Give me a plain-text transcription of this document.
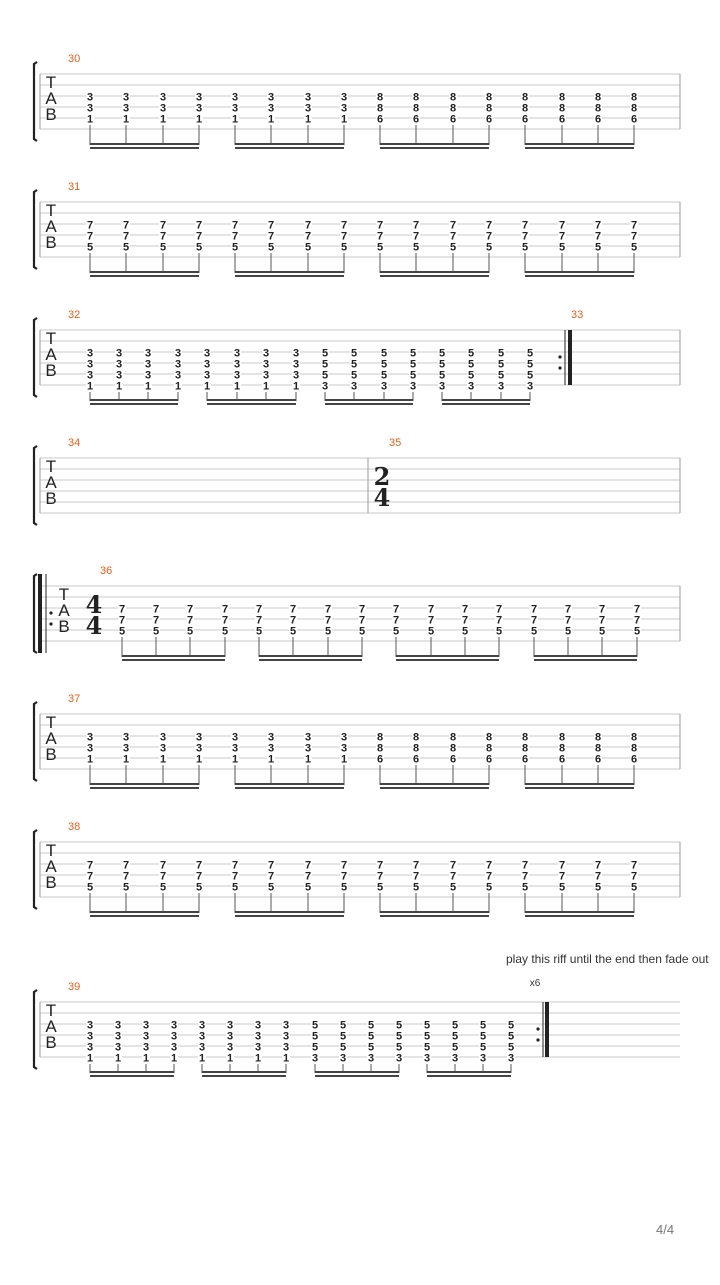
T
A
B
30
3
3
1
3
3
1
3
3
1
3
3
1
3
3
1
3
3
1
3
3
1
3
3
1
8
8
6
8
8
6
8
8
6
8
8
6
8
8
6
8
8
6
8
8
6
8
8
6
T
A
B
31
7
7
5
7
7
5
7
7
5
7
7
5
7
7
5
7
7
5
7
7
5
7
7
5
7
7
5
7
7
5
7
7
5
7
7
5
7
7
5
7
7
5
7
7
5
7
7
5
T
A
B
32
3
3
3
1
3
3
3
1
3
3
3
1
3
3
3
1
3
3
3
1
3
3
3
1
3
3
3
1
3
3
3
1
5
5
5
3
5
5
5
3
5
5
5
3
5
5
5
3
5
5
5
3
5
5
5
3
5
5
5
3
5
5
5
3
33
T
A
B
34
2
4
35
T
A
B
36
4
4
7
7
5
7
7
5
7
7
5
7
7
5
7
7
5
7
7
5
7
7
5
7
7
5
7
7
5
7
7
5
7
7
5
7
7
5
7
7
5
7
7
5
7
7
5
7
7
5
T
A
B
37
3
3
1
3
3
1
3
3
1
3
3
1
3
3
1
3
3
1
3
3
1
3
3
1
8
8
6
8
8
6
8
8
6
8
8
6
8
8
6
8
8
6
8
8
6
8
8
6
T
A
B
38
7
7
5
7
7
5
7
7
5
7
7
5
7
7
5
7
7
5
7
7
5
7
7
5
7
7
5
7
7
5
7
7
5
7
7
5
7
7
5
7
7
5
7
7
5
7
7
5
T
A
B
39
3
3
3
1
3
3
3
1
3
3
3
1
3
3
3
1
3
3
3
1
3
3
3
1
3
3
3
1
3
3
3
1
5
5
5
3
5
5
5
3
5
5
5
3
5
5
5
3
5
5
5
3
5
5
5
3
5
5
5
3
5
5
5
3
x6
play this riff until the end then fade out
4/4
